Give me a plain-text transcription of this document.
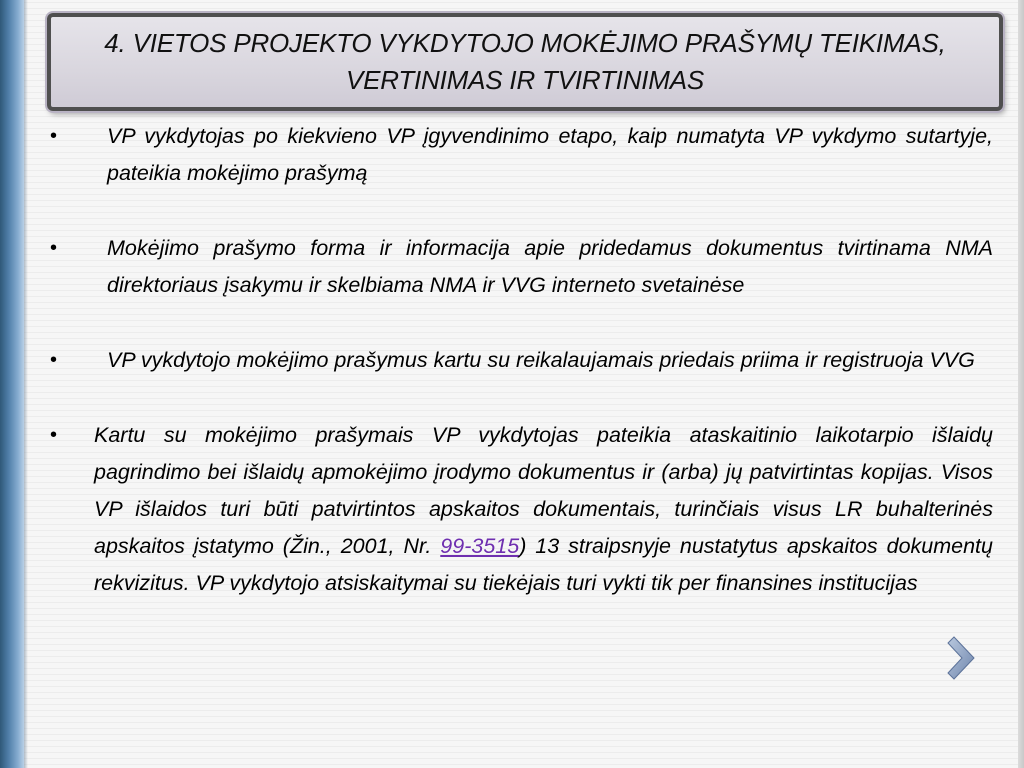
4. VIETOS PROJEKTO VYKDYTOJO MOKĖJIMO PRAŠYMŲ TEIKIMAS, VERTINIMAS IR TVIRTINIMAS
• VP vykdytojas po kiekvieno VP įgyvendinimo etapo, kaip numatyta VP vykdymo sutartyje, pateikia mokėjimo prašymą
• Mokėjimo prašymo forma ir informacija apie pridedamus dokumentus tvirtinama NMA direktoriaus įsakymu ir skelbiama NMA ir VVG interneto svetainėse
• VP vykdytojo mokėjimo prašymus kartu su reikalaujamais priedais priima ir registruoja VVG
• Kartu su mokėjimo prašymais VP vykdytojas pateikia ataskaitinio laikotarpio išlaidų pagrindimo bei išlaidų apmokėjimo įrodymo dokumentus ir (arba) jų patvirtintas kopijas. Visos VP išlaidos turi būti patvirtintos apskaitos dokumentais, turinčiais visus LR buhalterinės apskaitos įstatymo (Žin., 2001, Nr. 99-3515) 13 straipsnyje nustatytus apskaitos dokumentų rekvizitus. VP vykdytojo atsiskaitymai su tiekėjais turi vykti tik per finansines institucijas
